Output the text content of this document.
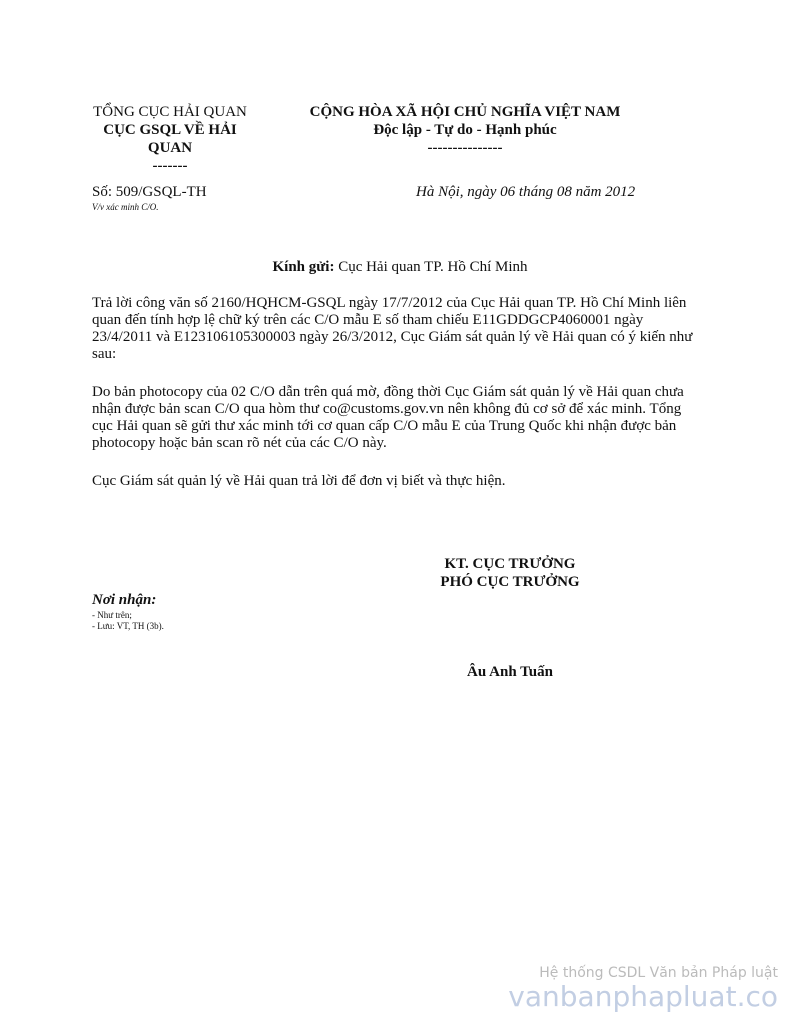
TỔNG CỤC HẢI QUAN
CỤC GSQL VỀ HẢI
QUAN
-------
CỘNG HÒA XÃ HỘI CHỦ NGHĨA VIỆT NAM
Độc lập - Tự do - Hạnh phúc
---------------
Số: 509/GSQL-TH
V/v xác minh C/O.
Hà Nội, ngày 06 tháng 08 năm 2012
Kính gửi: Cục Hải quan TP. Hồ Chí Minh

Trả lời công văn số 2160/HQHCM-GSQL ngày 17/7/2012 của Cục Hải quan TP. Hồ Chí Minh liên quan đến tính hợp lệ chữ ký trên các C/O mẫu E số tham chiếu E11GDDGCP4060001 ngày 23/4/2011 và E123106105300003 ngày 26/3/2012, Cục Giám sát quản lý về Hải quan có ý kiến như sau:

Do bản photocopy của 02 C/O dẫn trên quá mờ, đồng thời Cục Giám sát quản lý về Hải quan chưa nhận được bản scan C/O qua hòm thư co@customs.gov.vn nên không đủ cơ sở để xác minh. Tổng cục Hải quan sẽ gửi thư xác minh tới cơ quan cấp C/O mẫu E của Trung Quốc khi nhận được bản photocopy hoặc bản scan rõ nét của các C/O này.

Cục Giám sát quản lý về Hải quan trả lời để đơn vị biết và thực hiện.

KT. CỤC TRƯỞNG
PHÓ CỤC TRƯỞNG
Nơi nhận:
- Như trên;
- Lưu: VT, TH (3b).
Âu Anh Tuấn
Hệ thống CSDL Văn bản Pháp luật
vanbanphapluat.co
